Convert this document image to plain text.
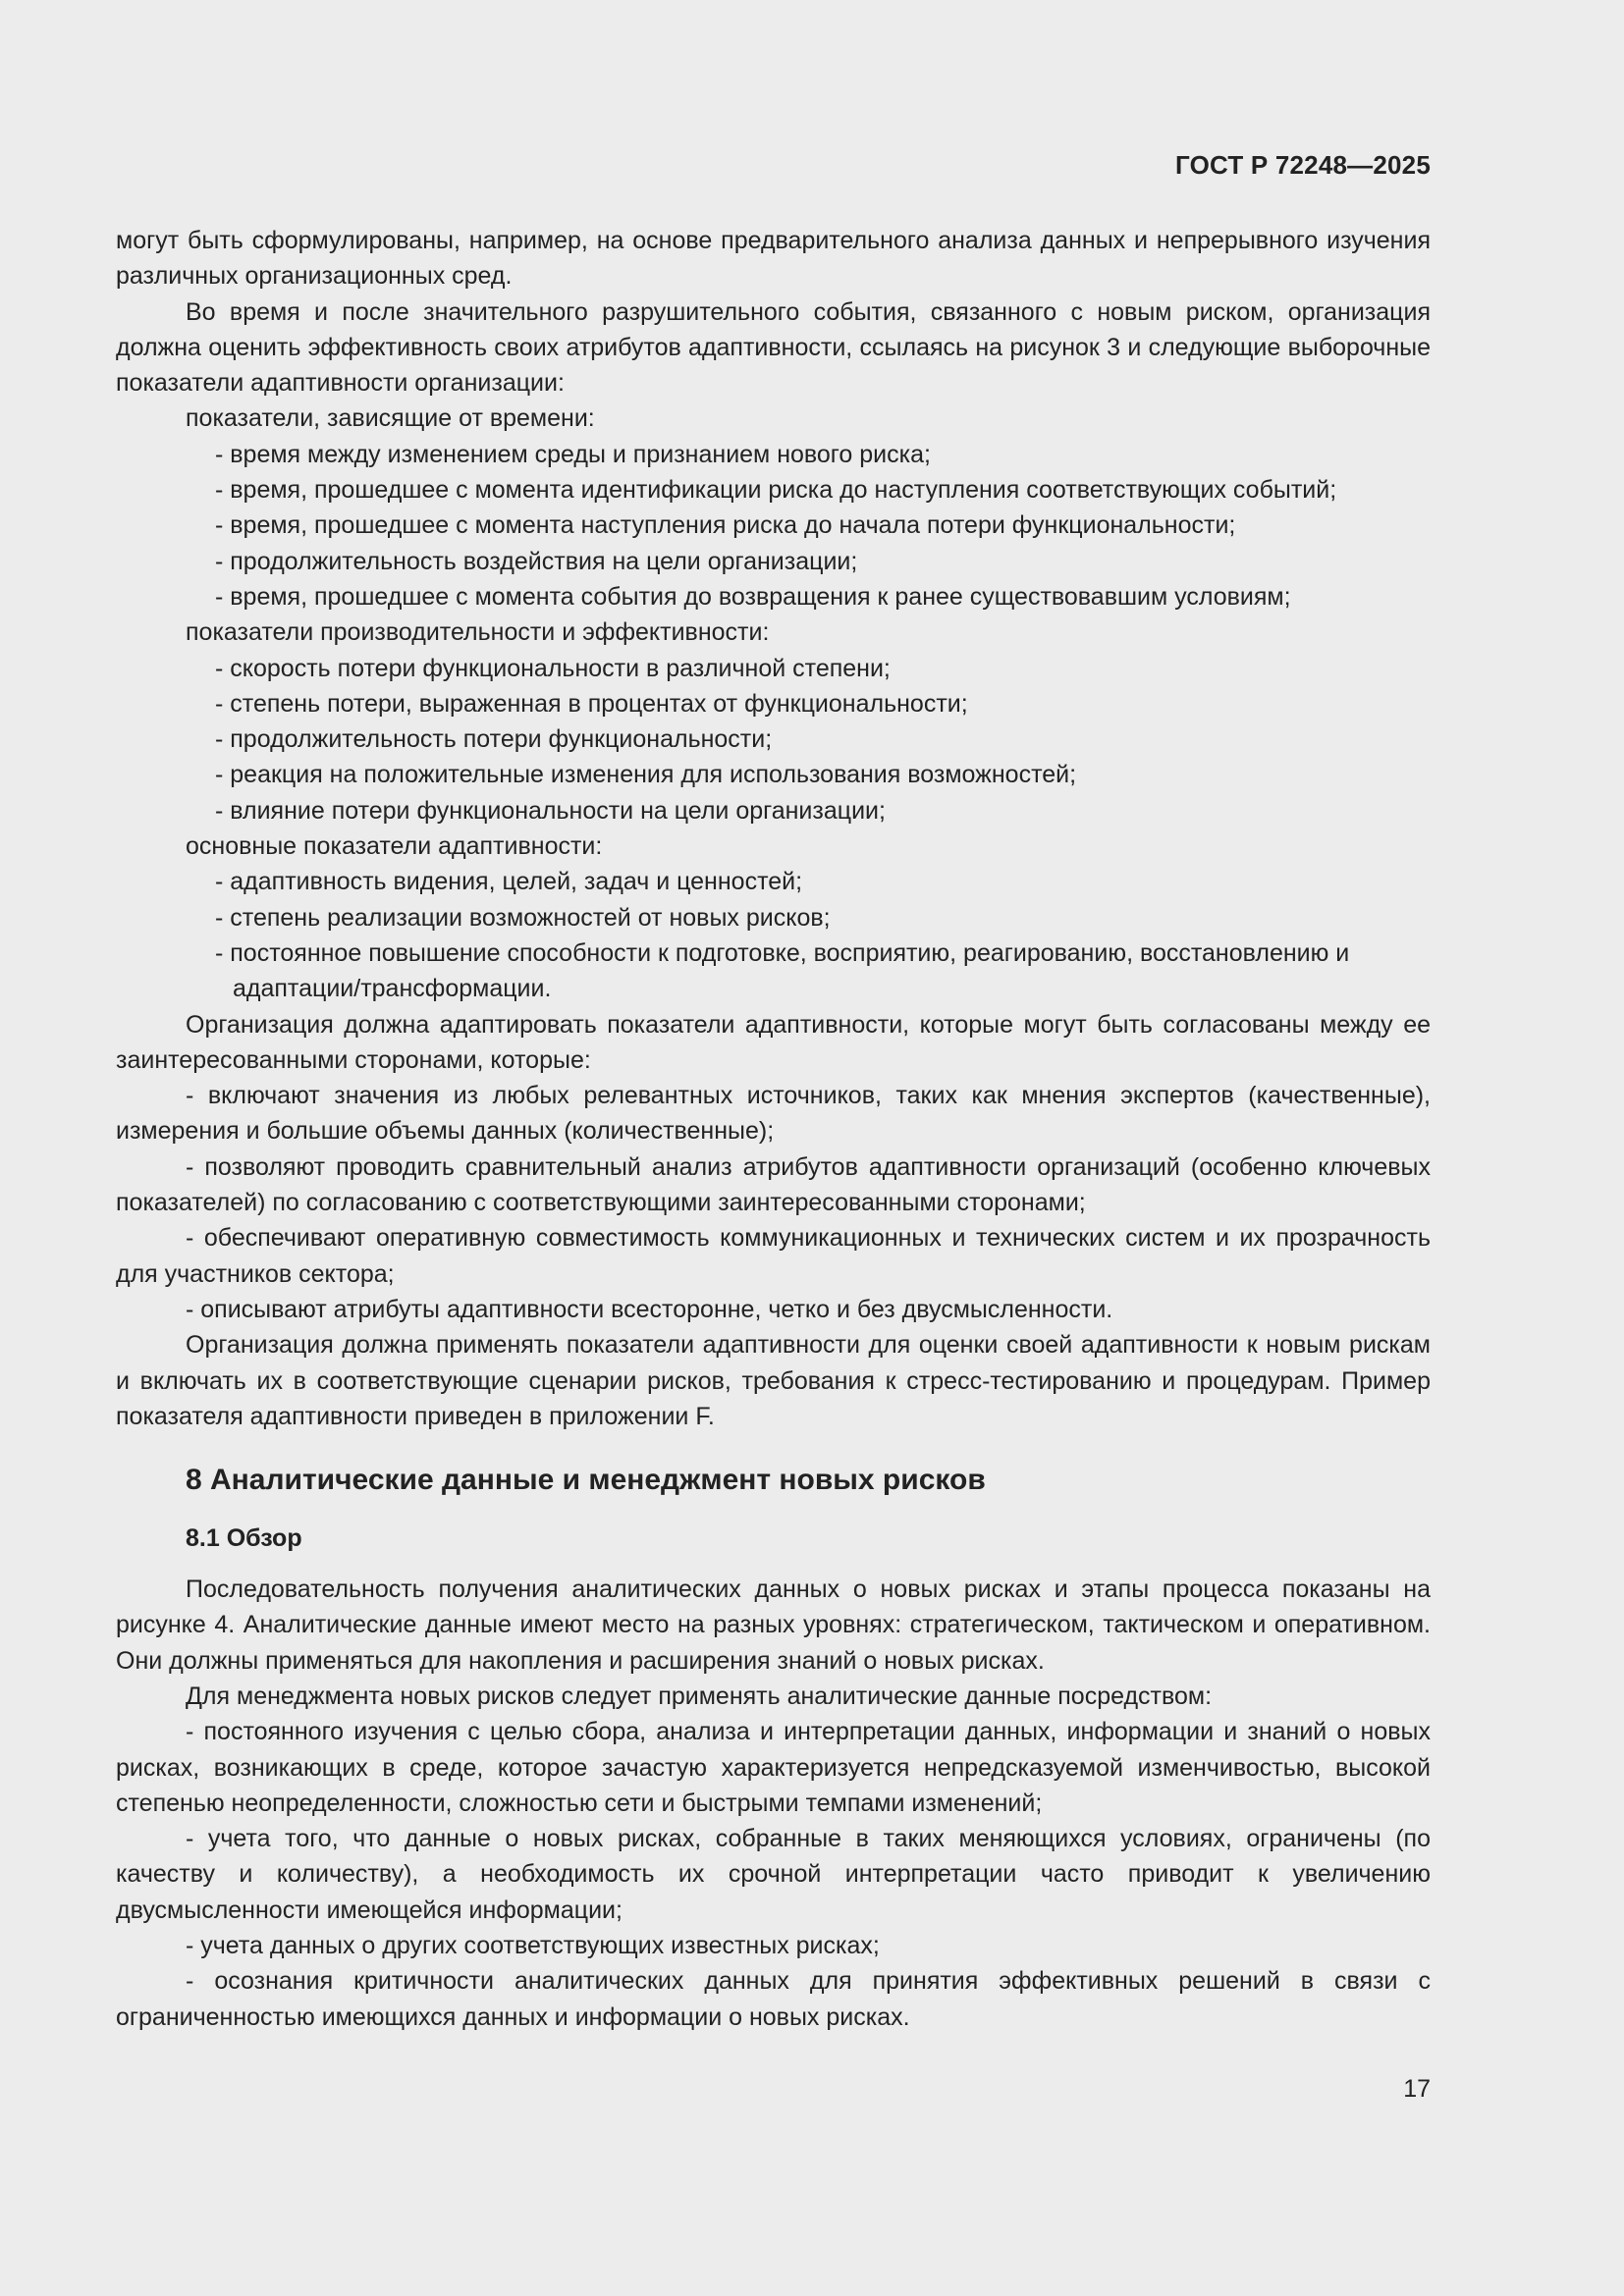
ГОСТ Р 72248—2025

могут быть сформулированы, например, на основе предварительного анализа данных и непрерывного изучения различных организационных сред.

Во время и после значительного разрушительного события, связанного с новым риском, организация должна оценить эффективность своих атрибутов адаптивности, ссылаясь на рисунок 3 и следующие выборочные показатели адаптивности организации:

показатели, зависящие от времени:

- время между изменением среды и признанием нового риска;

- время, прошедшее с момента идентификации риска до наступления соответствующих событий;

- время, прошедшее с момента наступления риска до начала потери функциональности;

- продолжительность воздействия на цели организации;

- время, прошедшее с момента события до возвращения к ранее существовавшим условиям;

показатели производительности и эффективности:

- скорость потери функциональности в различной степени;

- степень потери, выраженная в процентах от функциональности;

- продолжительность потери функциональности;

- реакция на положительные изменения для использования возможностей;

- влияние потери функциональности на цели организации;

основные показатели адаптивности:

- адаптивность видения, целей, задач и ценностей;

- степень реализации возможностей от новых рисков;

- постоянное повышение способности к подготовке, восприятию, реагированию, восстановлению и адаптации/трансформации.

Организация должна адаптировать показатели адаптивности, которые могут быть согласованы между ее заинтересованными сторонами, которые:

- включают значения из любых релевантных источников, таких как мнения экспертов (качественные), измерения и большие объемы данных (количественные);

- позволяют проводить сравнительный анализ атрибутов адаптивности организаций (особенно ключевых показателей) по согласованию с соответствующими заинтересованными сторонами;

- обеспечивают оперативную совместимость коммуникационных и технических систем и их прозрачность для участников сектора;

- описывают атрибуты адаптивности всесторонне, четко и без двусмысленности.

Организация должна применять показатели адаптивности для оценки своей адаптивности к новым рискам и включать их в соответствующие сценарии рисков, требования к стресс-тестированию и процедурам. Пример показателя адаптивности приведен в приложении F.

8 Аналитические данные и менеджмент новых рисков

8.1 Обзор

Последовательность получения аналитических данных о новых рисках и этапы процесса показаны на рисунке 4. Аналитические данные имеют место на разных уровнях: стратегическом, тактическом и оперативном. Они должны применяться для накопления и расширения знаний о новых рисках.

Для менеджмента новых рисков следует применять аналитические данные посредством:

- постоянного изучения с целью сбора, анализа и интерпретации данных, информации и знаний о новых рисках, возникающих в среде, которое зачастую характеризуется непредсказуемой изменчивостью, высокой степенью неопределенности, сложностью сети и быстрыми темпами изменений;

- учета того, что данные о новых рисках, собранные в таких меняющихся условиях, ограничены (по качеству и количеству), а необходимость их срочной интерпретации часто приводит к увеличению двусмысленности имеющейся информации;

- учета данных о других соответствующих известных рисках;

- осознания критичности аналитических данных для принятия эффективных решений в связи с ограниченностью имеющихся данных и информации о новых рисках.

17
